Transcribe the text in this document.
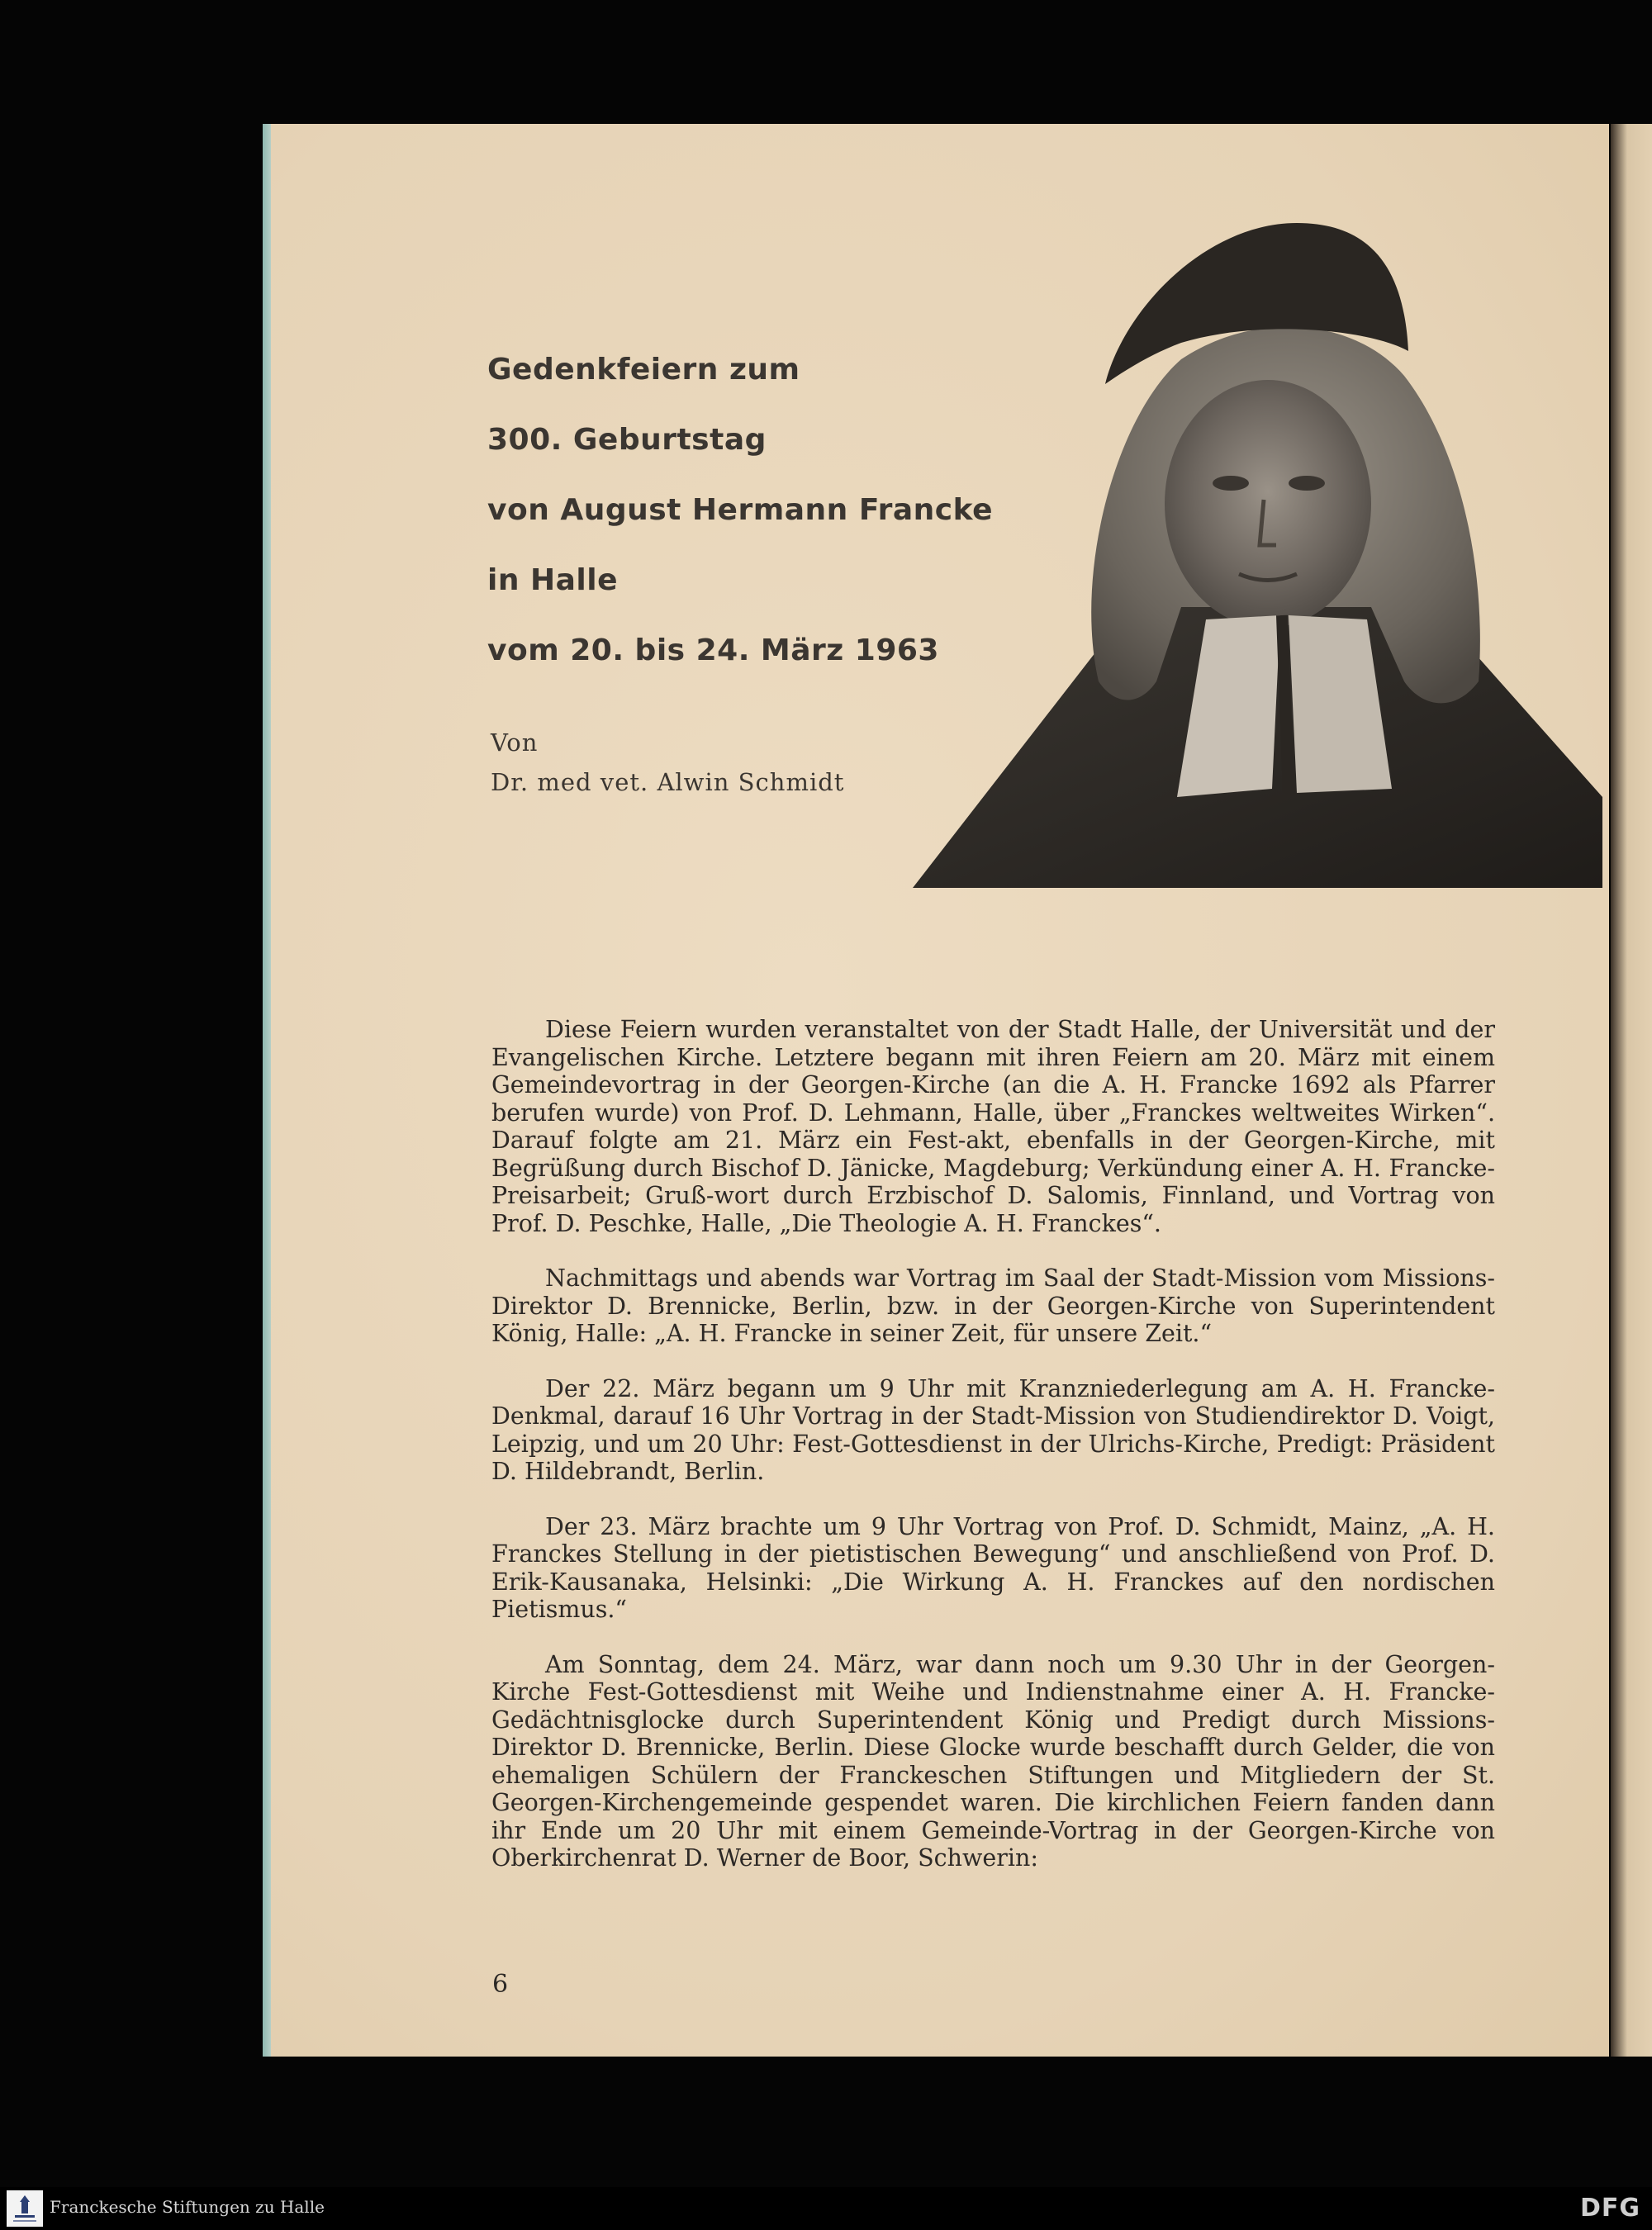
Gedenkfeiern zum
300. Geburtstag
von August Hermann Francke
in Halle
vom 20. bis 24. März 1963
Von
Dr. med vet. Alwin Schmidt

Diese Feiern wurden veranstaltet von der Stadt Halle, der Universität und der Evangelischen Kirche. Letztere begann mit ihren Feiern am 20. März mit einem Gemeindevortrag in der Georgen-Kirche (an die A. H. Francke 1692 als Pfarrer berufen wurde) von Prof. D. Lehmann, Halle, über „Franckes weltweites Wirken“. Darauf folgte am 21. März ein Fest-akt, ebenfalls in der Georgen-Kirche, mit Begrüßung durch Bischof D. Jänicke, Magdeburg; Verkündung einer A. H. Francke-Preisarbeit; Gruß-wort durch Erzbischof D. Salomis, Finnland, und Vortrag von Prof. D. Peschke, Halle, „Die Theologie A. H. Franckes“.

Nachmittags und abends war Vortrag im Saal der Stadt-Mission vom Missions-Direktor D. Brennicke, Berlin, bzw. in der Georgen-Kirche von Superintendent König, Halle: „A. H. Francke in seiner Zeit, für unsere Zeit.“

Der 22. März begann um 9 Uhr mit Kranzniederlegung am A. H. Francke-Denkmal, darauf 16 Uhr Vortrag in der Stadt-Mission von Studiendirektor D. Voigt, Leipzig, und um 20 Uhr: Fest-Gottesdienst in der Ulrichs-Kirche, Predigt: Präsident D. Hildebrandt, Berlin.

Der 23. März brachte um 9 Uhr Vortrag von Prof. D. Schmidt, Mainz, „A. H. Franckes Stellung in der pietistischen Bewegung“ und anschließend von Prof. D. Erik-Kausanaka, Helsinki: „Die Wirkung A. H. Franckes auf den nordischen Pietismus.“

Am Sonntag, dem 24. März, war dann noch um 9.30 Uhr in der Georgen-Kirche Fest-Gottesdienst mit Weihe und Indienstnahme einer A. H. Francke-Gedächtnisglocke durch Superintendent König und Predigt durch Missions-Direktor D. Brennicke, Berlin. Diese Glocke wurde beschafft durch Gelder, die von ehemaligen Schülern der Franckeschen Stiftungen und Mitgliedern der St. Georgen-Kirchengemeinde gespendet waren. Die kirchlichen Feiern fanden dann ihr Ende um 20 Uhr mit einem Gemeinde-Vortrag in der Georgen-Kirche von Oberkirchenrat D. Werner de Boor, Schwerin:

6
Franckesche Stiftungen zu Halle	DFG
